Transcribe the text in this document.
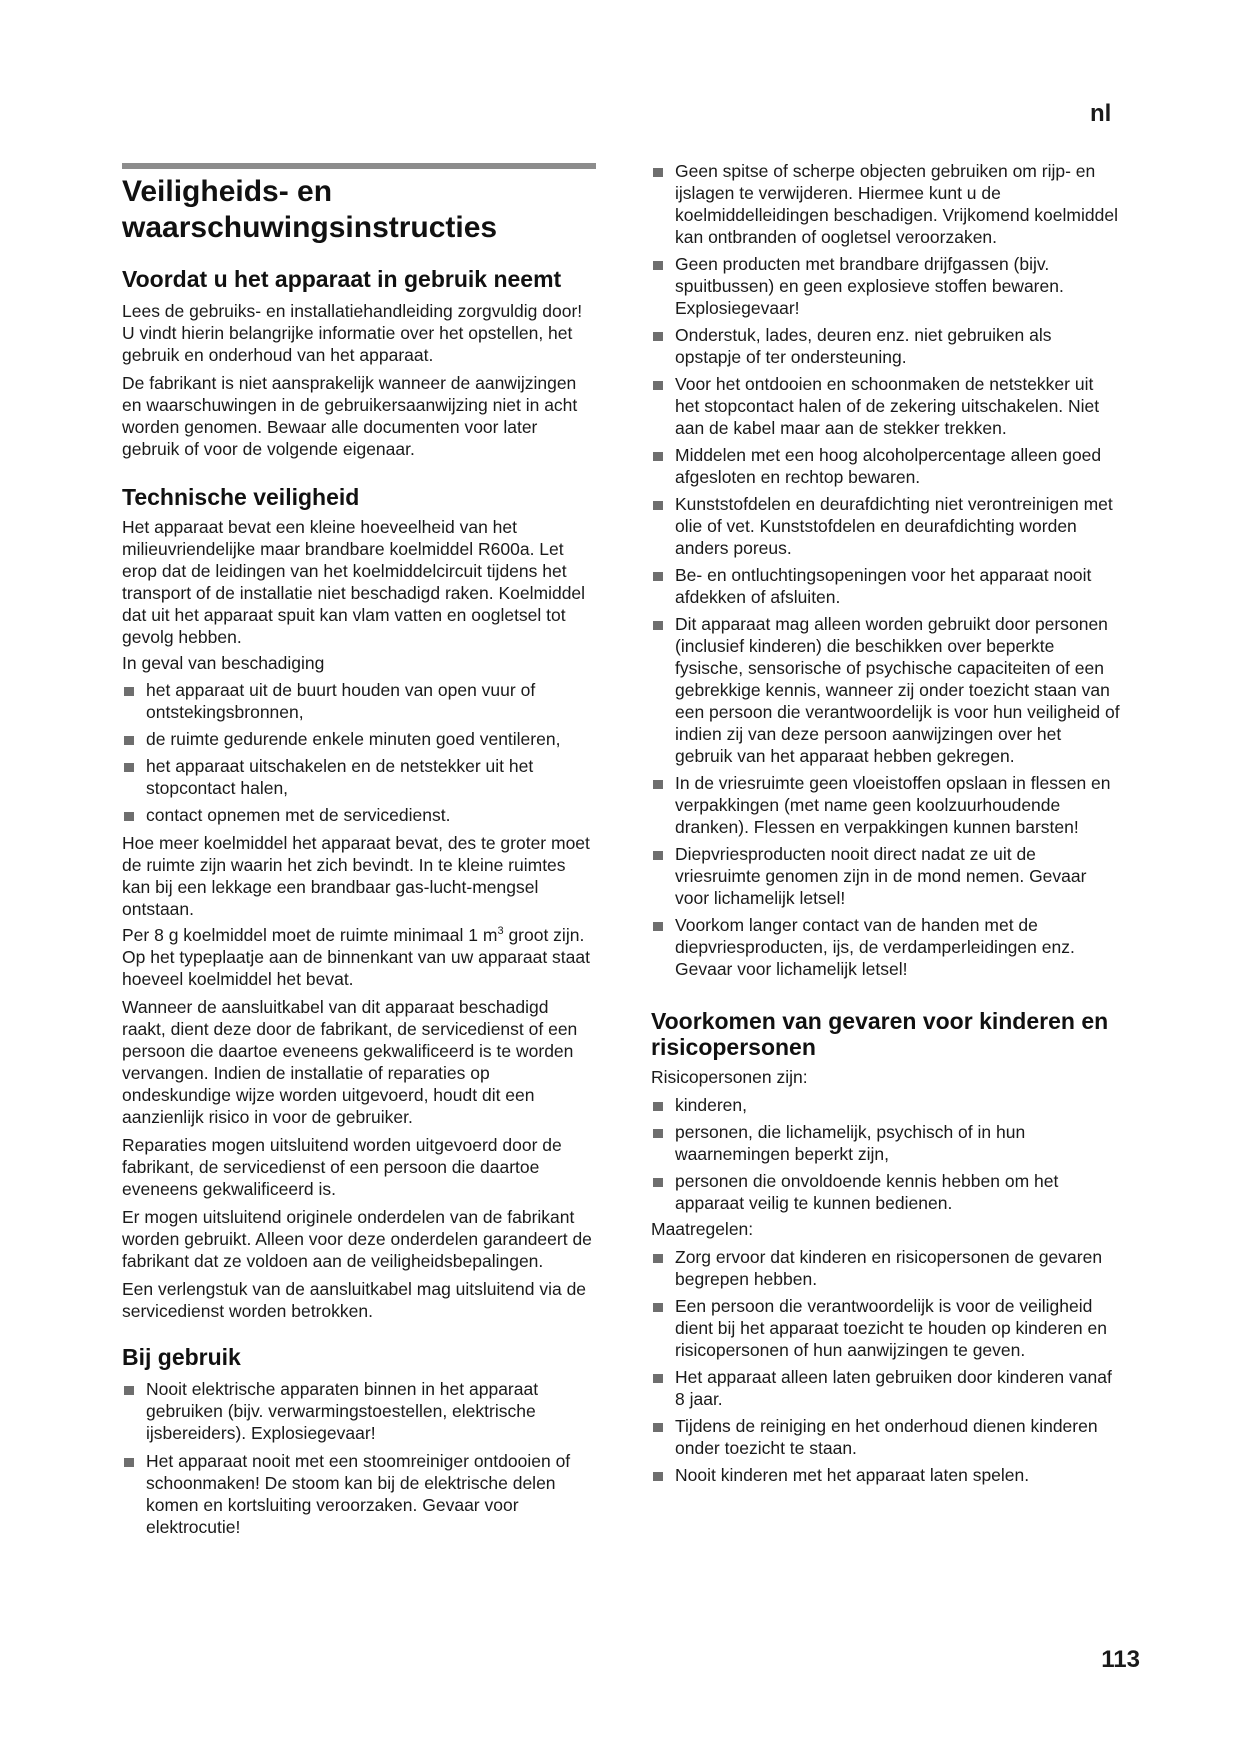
nl
Veiligheids- en waarschuwingsinstructies
Voordat u het apparaat in gebruik neemt

Lees de gebruiks- en installatiehandleiding zorgvuldig door! U vindt hierin belangrijke informatie over het opstellen, het gebruik en onderhoud van het apparaat.

De fabrikant is niet aansprakelijk wanneer de aanwijzingen en waarschuwingen in de gebruikersaanwijzing niet in acht worden genomen. Bewaar alle documenten voor later gebruik of voor de volgende eigenaar.

Technische veiligheid

Het apparaat bevat een kleine hoeveelheid van het milieuvriendelijke maar brandbare koelmiddel R600a. Let erop dat de leidingen van het koelmiddelcircuit tijdens het transport of de installatie niet beschadigd raken. Koelmiddel dat uit het apparaat spuit kan vlam vatten en oogletsel tot gevolg hebben.

In geval van beschadiging

het apparaat uit de buurt houden van open vuur of ontstekingsbronnen,
de ruimte gedurende enkele minuten goed ventileren,
het apparaat uitschakelen en de netstekker uit het stopcontact halen,
contact opnemen met de servicedienst.

Hoe meer koelmiddel het apparaat bevat, des te groter moet de ruimte zijn waarin het zich bevindt. In te kleine ruimtes kan bij een lekkage een brandbaar gas-lucht-mengsel ontstaan.

Per 8 g koelmiddel moet de ruimte minimaal 1 $m^3$ groot zijn. Op het typeplaatje aan de binnenkant van uw apparaat staat hoeveel koelmiddel het bevat.

Wanneer de aansluitkabel van dit apparaat beschadigd raakt, dient deze door de fabrikant, de servicedienst of een persoon die daartoe eveneens gekwalificeerd is te worden vervangen. Indien de installatie of reparaties op ondeskundige wijze worden uitgevoerd, houdt dit een aanzienlijk risico in voor de gebruiker.

Reparaties mogen uitsluitend worden uitgevoerd door de fabrikant, de servicedienst of een persoon die daartoe eveneens gekwalificeerd is.

Er mogen uitsluitend originele onderdelen van de fabrikant worden gebruikt. Alleen voor deze onderdelen garandeert de fabrikant dat ze voldoen aan de veiligheidsbepalingen.

Een verlengstuk van de aansluitkabel mag uitsluitend via de servicedienst worden betrokken.

Bij gebruik
Nooit elektrische apparaten binnen in het apparaat gebruiken (bijv. verwarmingstoestellen, elektrische ijsbereiders). Explosiegevaar!
Het apparaat nooit met een stoomreiniger ontdooien of schoonmaken! De stoom kan bij de elektrische delen komen en kortsluiting veroorzaken. Gevaar voor elektrocutie!
Geen spitse of scherpe objecten gebruiken om rijp- en ijslagen te verwijderen. Hiermee kunt u de koelmiddelleidingen beschadigen. Vrijkomend koelmiddel kan ontbranden of oogletsel veroorzaken.
Geen producten met brandbare drijfgassen (bijv. spuitbussen) en geen explosieve stoffen bewaren. Explosiegevaar!
Onderstuk, lades, deuren enz. niet gebruiken als opstapje of ter ondersteuning.
Voor het ontdooien en schoonmaken de netstekker uit het stopcontact halen of de zekering uitschakelen. Niet aan de kabel maar aan de stekker trekken.
Middelen met een hoog alcoholpercentage alleen goed afgesloten en rechtop bewaren.
Kunststofdelen en deurafdichting niet verontreinigen met olie of vet. Kunststofdelen en deurafdichting worden anders poreus.
Be- en ontluchtingsopeningen voor het apparaat nooit afdekken of afsluiten.
Dit apparaat mag alleen worden gebruikt door personen (inclusief kinderen) die beschikken over beperkte fysische, sensorische of psychische capaciteiten of een gebrekkige kennis, wanneer zij onder toezicht staan van een persoon die verantwoordelijk is voor hun veiligheid of indien zij van deze persoon aanwijzingen over het gebruik van het apparaat hebben gekregen.
In de vriesruimte geen vloeistoffen opslaan in flessen en verpakkingen (met name geen koolzuurhoudende dranken). Flessen en verpakkingen kunnen barsten!
Diepvriesproducten nooit direct nadat ze uit de vriesruimte genomen zijn in de mond nemen. Gevaar voor lichamelijk letsel!
Voorkom langer contact van de handen met de diepvriesproducten, ijs, de verdamperleidingen enz. Gevaar voor lichamelijk letsel!
Voorkomen van gevaren voor kinderen en risicopersonen

Risicopersonen zijn:

kinderen,
personen, die lichamelijk, psychisch of in hun waarnemingen beperkt zijn,
personen die onvoldoende kennis hebben om het apparaat veilig te kunnen bedienen.

Maatregelen:

Zorg ervoor dat kinderen en risicopersonen de gevaren begrepen hebben.
Een persoon die verantwoordelijk is voor de veiligheid dient bij het apparaat toezicht te houden op kinderen en risicopersonen of hun aanwijzingen te geven.
Het apparaat alleen laten gebruiken door kinderen vanaf 8 jaar.
Tijdens de reiniging en het onderhoud dienen kinderen onder toezicht te staan.
Nooit kinderen met het apparaat laten spelen.
113
